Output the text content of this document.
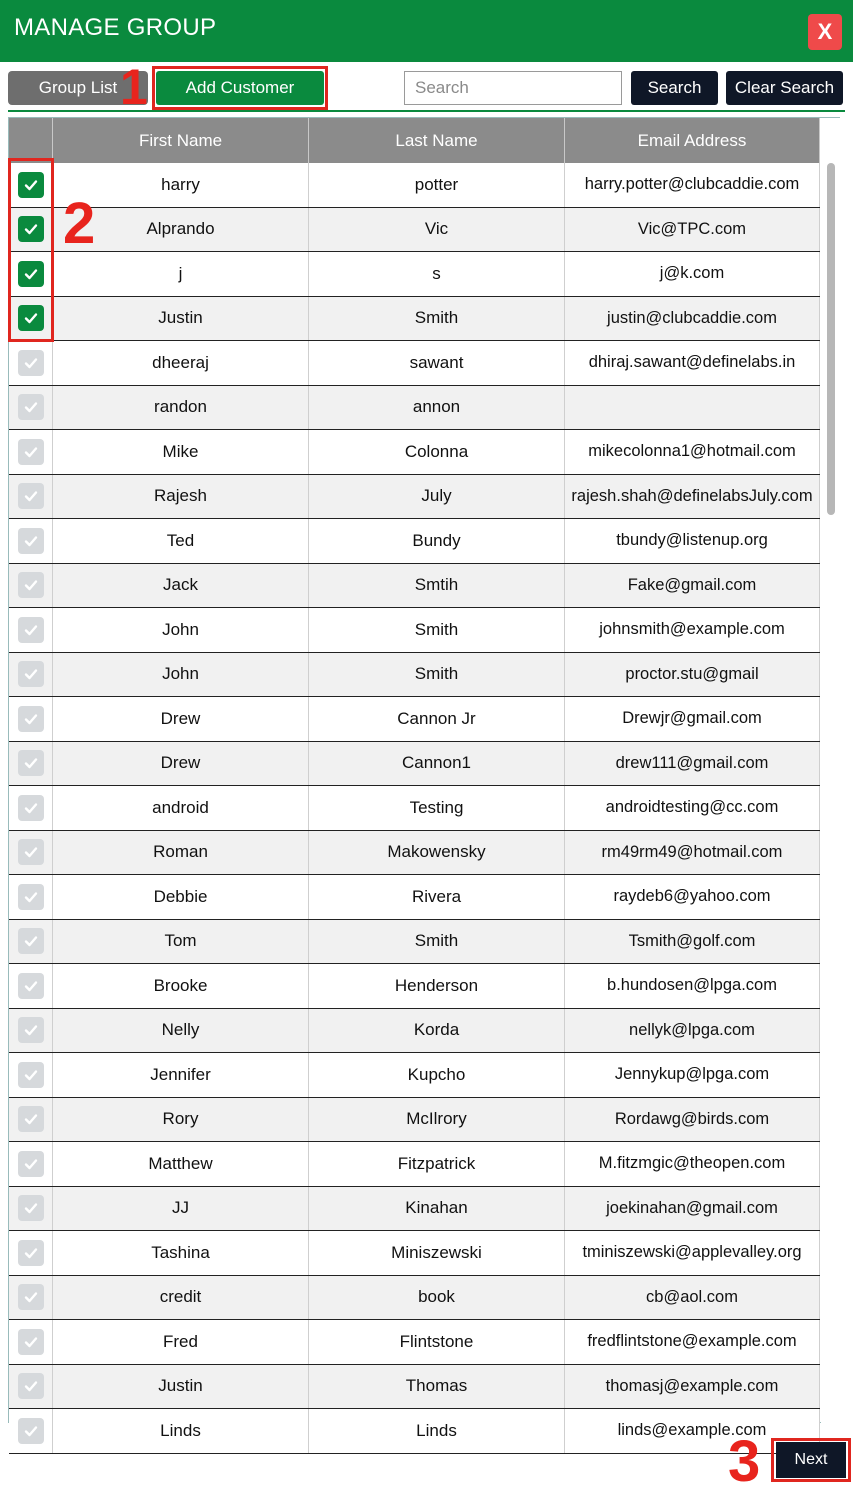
MANAGE GROUP	X
Group List	Add Customer
Search	Search	Clear Search
First Name	Last Name	Email Address
harry	potter	harry.potter@clubcaddie.com
Alprando	Vic	Vic@TPC.com
j	s	j@k.com
Justin	Smith	justin@clubcaddie.com
dheeraj	sawant	dhiraj.sawant@definelabs.in
randon	annon
Mike	Colonna	mikecolonna1@hotmail.com
Rajesh	July	rajesh.shah@definelabsJuly.com
Ted	Bundy	tbundy@listenup.org
Jack	Smtih	Fake@gmail.com
John	Smith	johnsmith@example.com
John	Smith	proctor.stu@gmail
Drew	Cannon Jr	Drewjr@gmail.com
Drew	Cannon1	drew111@gmail.com
android	Testing	androidtesting@cc.com
Roman	Makowensky	rm49rm49@hotmail.com
Debbie	Rivera	raydeb6@yahoo.com
Tom	Smith	Tsmith@golf.com
Brooke	Henderson	b.hundosen@lpga.com
Nelly	Korda	nellyk@lpga.com
Jennifer	Kupcho	Jennykup@lpga.com
Rory	McIlrory	Rordawg@birds.com
Matthew	Fitzpatrick	M.fitzmgic@theopen.com
JJ	Kinahan	joekinahan@gmail.com
Tashina	Miniszewski	tminiszewski@applevalley.org
credit	book	cb@aol.com
Fred	Flintstone	fredflintstone@example.com
Justin	Thomas	thomasj@example.com
Linds	Linds	linds@example.com
1
2
3	Next
